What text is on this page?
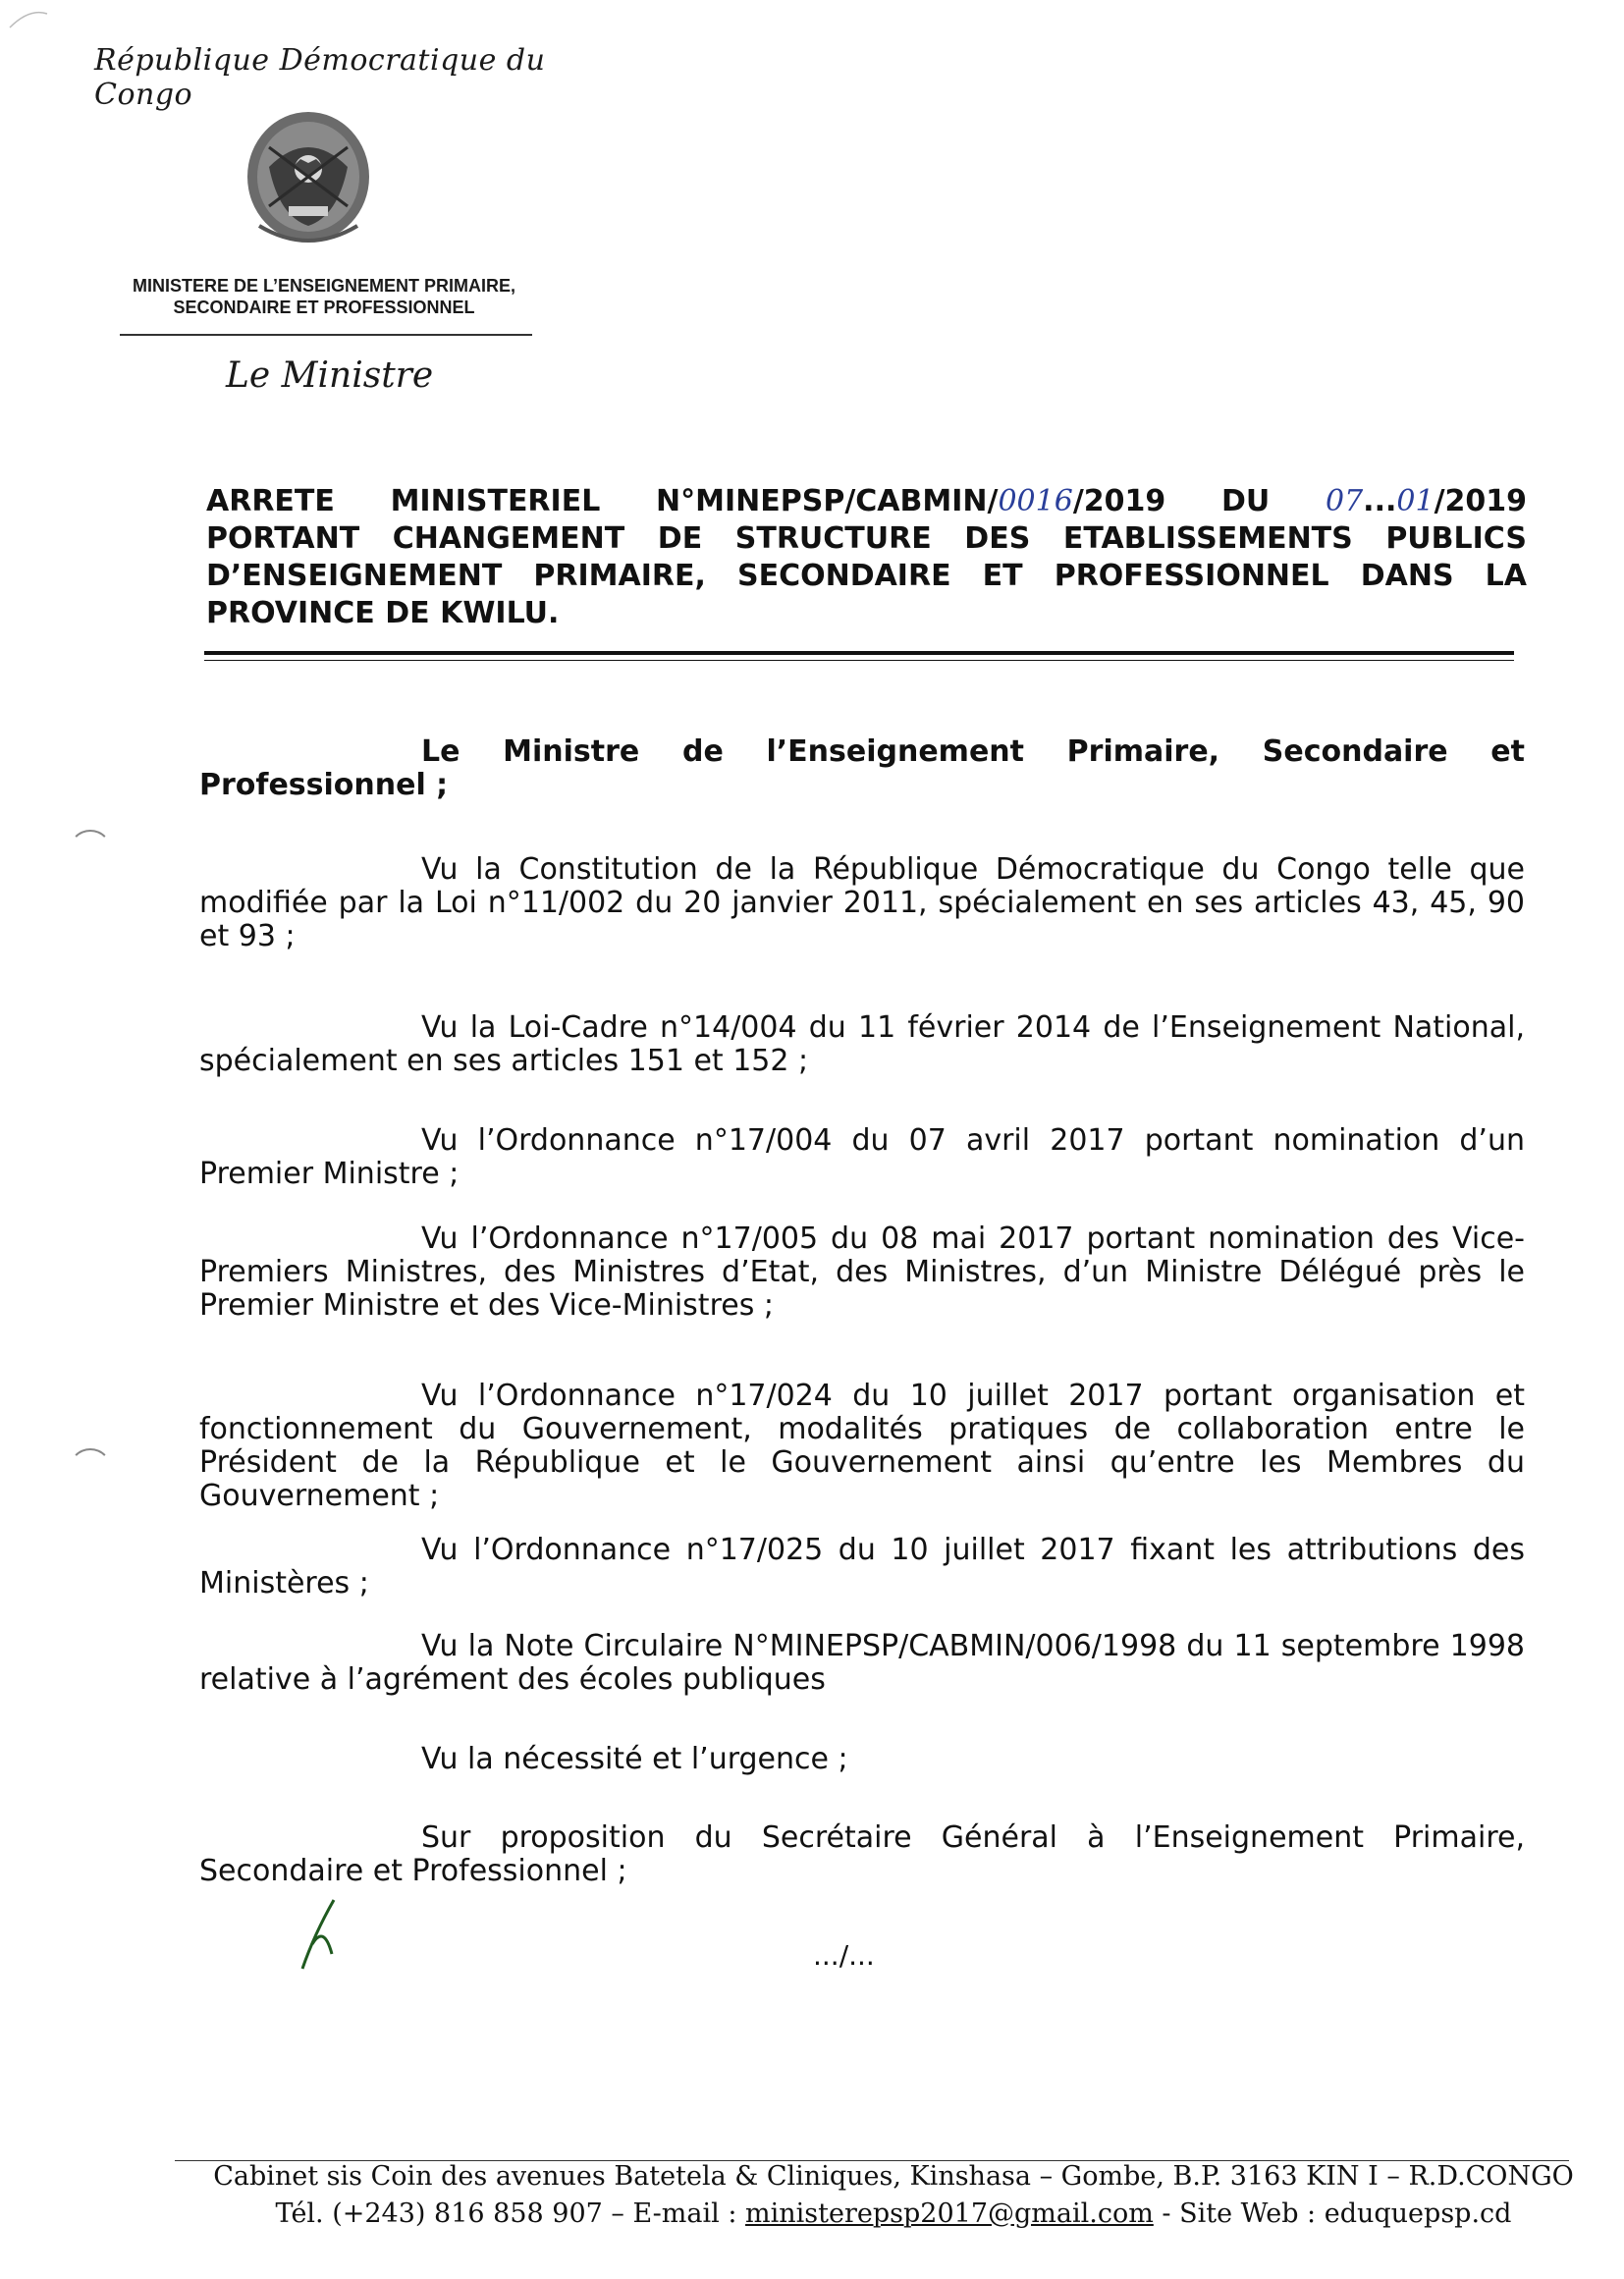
République Démocratique du Congo
MINISTERE DE L’ENSEIGNEMENT PRIMAIRE,
SECONDAIRE ET PROFESSIONNEL
Le Ministre
ARRETE MINISTERIEL N°MINEPSP/CABMIN/0016/2019 DU 07...01/2019
PORTANT CHANGEMENT DE STRUCTURE DES ETABLISSEMENTS PUBLICS
D’ENSEIGNEMENT PRIMAIRE, SECONDAIRE ET PROFESSIONNEL DANS LA
PROVINCE DE KWILU.
Le Ministre de l’Enseignement Primaire, Secondaire et Professionnel ;
Vu la Constitution de la République Démocratique du Congo telle que modifiée par la Loi n°11/002 du 20 janvier 2011, spécialement en ses articles 43, 45, 90 et 93 ;
Vu la Loi-Cadre n°14/004 du 11 février 2014 de l’Enseignement National, spécialement en ses articles 151 et 152 ;
Vu l’Ordonnance n°17/004 du 07 avril 2017 portant nomination d’un Premier Ministre ;
Vu l’Ordonnance n°17/005 du 08 mai 2017 portant nomination des Vice-Premiers Ministres, des Ministres d’Etat, des Ministres, d’un Ministre Délégué près le Premier Ministre et des Vice-Ministres ;
Vu l’Ordonnance n°17/024 du 10 juillet 2017 portant organisation et fonctionnement du Gouvernement, modalités pratiques de collaboration entre le Président de la République et le Gouvernement ainsi qu’entre les Membres du Gouvernement ;
Vu l’Ordonnance n°17/025 du 10 juillet 2017 fixant les attributions des Ministères ;
Vu la Note Circulaire N°MINEPSP/CABMIN/006/1998 du 11 septembre 1998 relative à l’agrément des écoles publiques
Vu la nécessité et l’urgence ;
Sur proposition du Secrétaire Général à l’Enseignement Primaire, Secondaire et Professionnel ;
.../...
Cabinet sis Coin des avenues Batetela & Cliniques, Kinshasa – Gombe, B.P. 3163 KIN I – R.D.CONGO
Tél. (+243) 816 858 907 – E-mail : ministerepsp2017@gmail.com - Site Web : eduquepsp.cd
